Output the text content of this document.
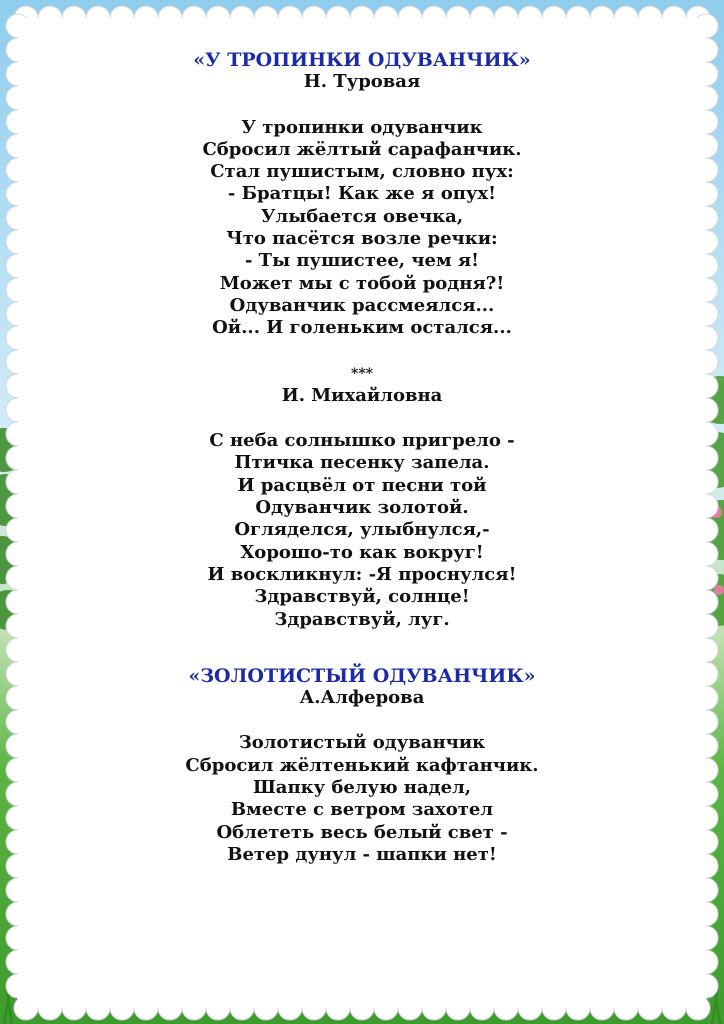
«У ТРОПИНКИ ОДУВАНЧИК»
Н. Туровая
У тропинки одуванчик
Сбросил жёлтый сарафанчик.
Стал пушистым, словно пух:
- Братцы! Как же я опух!
Улыбается овечка,
Что пасётся возле речки:
- Ты пушистее, чем я!
Может мы с тобой родня?!
Одуванчик рассмеялся...
Ой... И голеньким остался...
***
И. Михайловна
С неба солнышко пригрело -
Птичка песенку запела.
И расцвёл от песни той
Одуванчик золотой.
Огляделся, улыбнулся,-
Хорошо-то как вокруг!
И воскликнул: -Я проснулся!
Здравствуй, солнце!
Здравствуй, луг.
«ЗОЛОТИСТЫЙ ОДУВАНЧИК»
А.Алферова
Золотистый одуванчик
Сбросил жёлтенький кафтанчик.
Шапку белую надел,
Вместе с ветром захотел
Облететь весь белый свет -
Ветер дунул - шапки нет!
